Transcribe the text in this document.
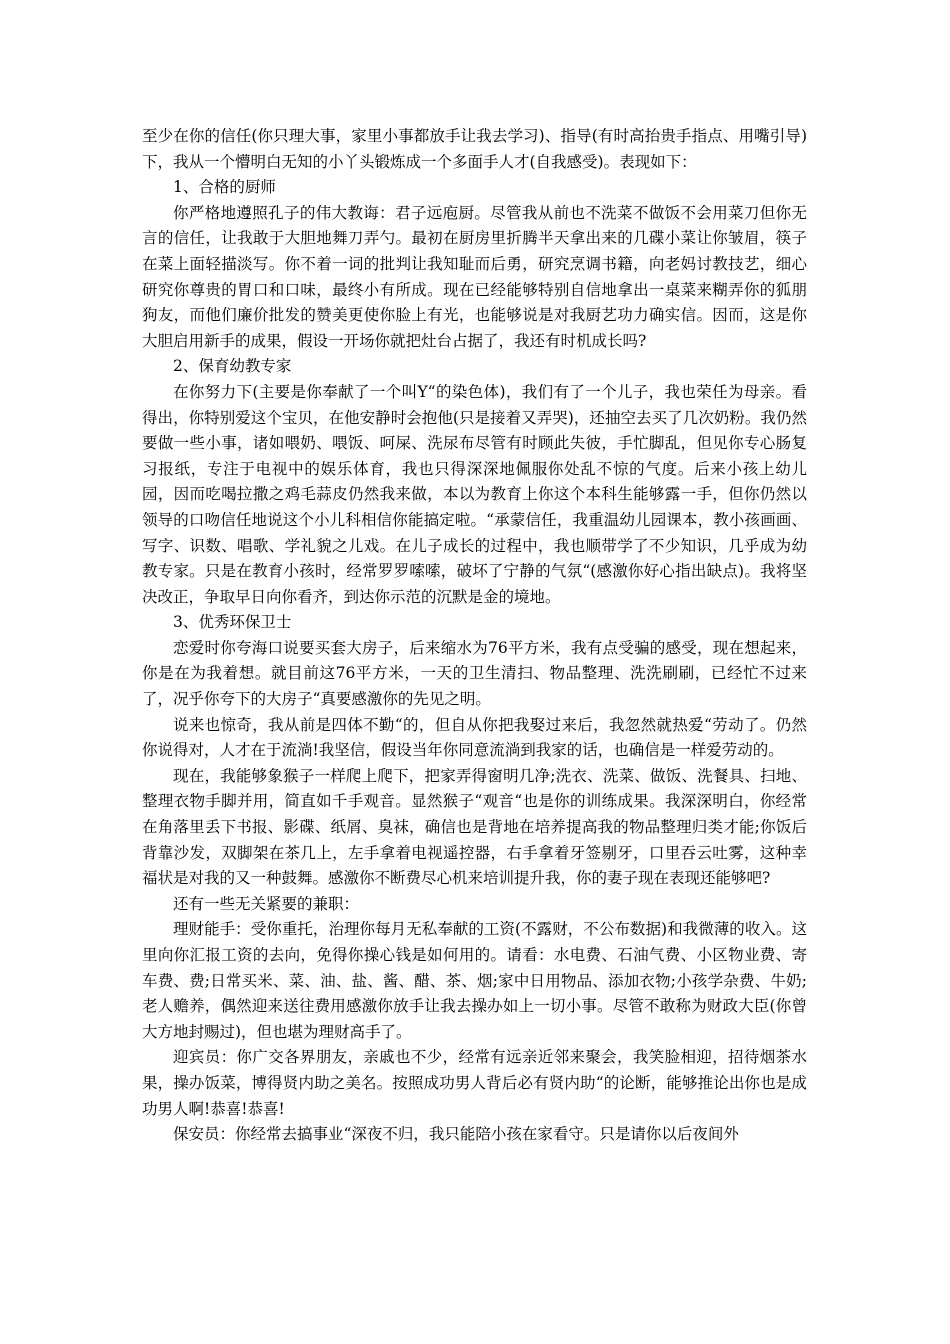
至少在你的信任(你只理大事，家里小事都放手让我去学习)、指导(有时高抬贵手指点、用嘴引导)下，我从一个懵明白无知的小丫头锻炼成一个多面手人才(自我感受)。表现如下：

1、合格的厨师

你严格地遵照孔子的伟大教诲：君子远庖厨。尽管我从前也不洗菜不做饭不会用菜刀但你无言的信任，让我敢于大胆地舞刀弄勺。最初在厨房里折腾半天拿出来的几碟小菜让你皱眉，筷子在菜上面轻描淡写。你不着一词的批判让我知耻而后勇，研究烹调书籍，向老妈讨教技艺，细心研究你尊贵的胃口和口味，最终小有所成。现在已经能够特别自信地拿出一桌菜来糊弄你的狐朋狗友，而他们廉价批发的赞美更使你脸上有光，也能够说是对我厨艺功力确实信。因而，这是你大胆启用新手的成果，假设一开场你就把灶台占据了，我还有时机成长吗?

2、保育幼教专家

在你努力下(主要是你奉献了一个叫Y“的染色体)，我们有了一个儿子，我也荣任为母亲。看得出，你特别爱这个宝贝，在他安静时会抱他(只是接着又弄哭)，还抽空去买了几次奶粉。我仍然要做一些小事，诸如喂奶、喂饭、呵屎、洗尿布尽管有时顾此失彼，手忙脚乱，但见你专心肠复习报纸，专注于电视中的娱乐体育，我也只得深深地佩服你处乱不惊的气度。后来小孩上幼儿园，因而吃喝拉撒之鸡毛蒜皮仍然我来做，本以为教育上你这个本科生能够露一手，但你仍然以领导的口吻信任地说这个小儿科相信你能搞定啦。“承蒙信任，我重温幼儿园课本，教小孩画画、写字、识数、唱歌、学礼貌之儿戏。在儿子成长的过程中，我也顺带学了不少知识，几乎成为幼教专家。只是在教育小孩时，经常罗罗嗦嗦，破坏了宁静的气氛“(感激你好心指出缺点)。我将坚决改正，争取早日向你看齐，到达你示范的沉默是金的境地。

3、优秀环保卫士

恋爱时你夸海口说要买套大房子，后来缩水为76平方米，我有点受骗的感受，现在想起来，你是在为我着想。就目前这76平方米，一天的卫生清扫、物品整理、洗洗刷刷，已经忙不过来了，况乎你夸下的大房子“真要感激你的先见之明。

说来也惊奇，我从前是四体不勤“的，但自从你把我娶过来后，我忽然就热爱“劳动了。仍然你说得对，人才在于流淌!我坚信，假设当年你同意流淌到我家的话，也确信是一样爱劳动的。

现在，我能够象猴子一样爬上爬下，把家弄得窗明几净;洗衣、洗菜、做饭、洗餐具、扫地、整理衣物手脚并用，简直如千手观音。显然猴子“观音“也是你的训练成果。我深深明白，你经常在角落里丢下书报、影碟、纸屑、臭袜，确信也是背地在培养提高我的物品整理归类才能;你饭后背靠沙发，双脚架在茶几上，左手拿着电视遥控器，右手拿着牙签剔牙，口里吞云吐雾，这种幸福状是对我的又一种鼓舞。感激你不断费尽心机来培训提升我，你的妻子现在表现还能够吧?

还有一些无关紧要的兼职：

理财能手：受你重托，治理你每月无私奉献的工资(不露财，不公布数据)和我微薄的收入。这里向你汇报工资的去向，免得你操心钱是如何用的。请看：水电费、石油气费、小区物业费、寄车费、费;日常买米、菜、油、盐、酱、醋、茶、烟;家中日用物品、添加衣物;小孩学杂费、牛奶;老人赡养，偶然迎来送往费用感激你放手让我去操办如上一切小事。尽管不敢称为财政大臣(你曾大方地封赐过)，但也堪为理财高手了。

迎宾员：你广交各界朋友，亲戚也不少，经常有远亲近邻来聚会，我笑脸相迎，招待烟茶水果，操办饭菜，博得贤内助之美名。按照成功男人背后必有贤内助“的论断，能够推论出你也是成功男人啊!恭喜!恭喜!

保安员：你经常去搞事业“深夜不归，我只能陪小孩在家看守。只是请你以后夜间外
